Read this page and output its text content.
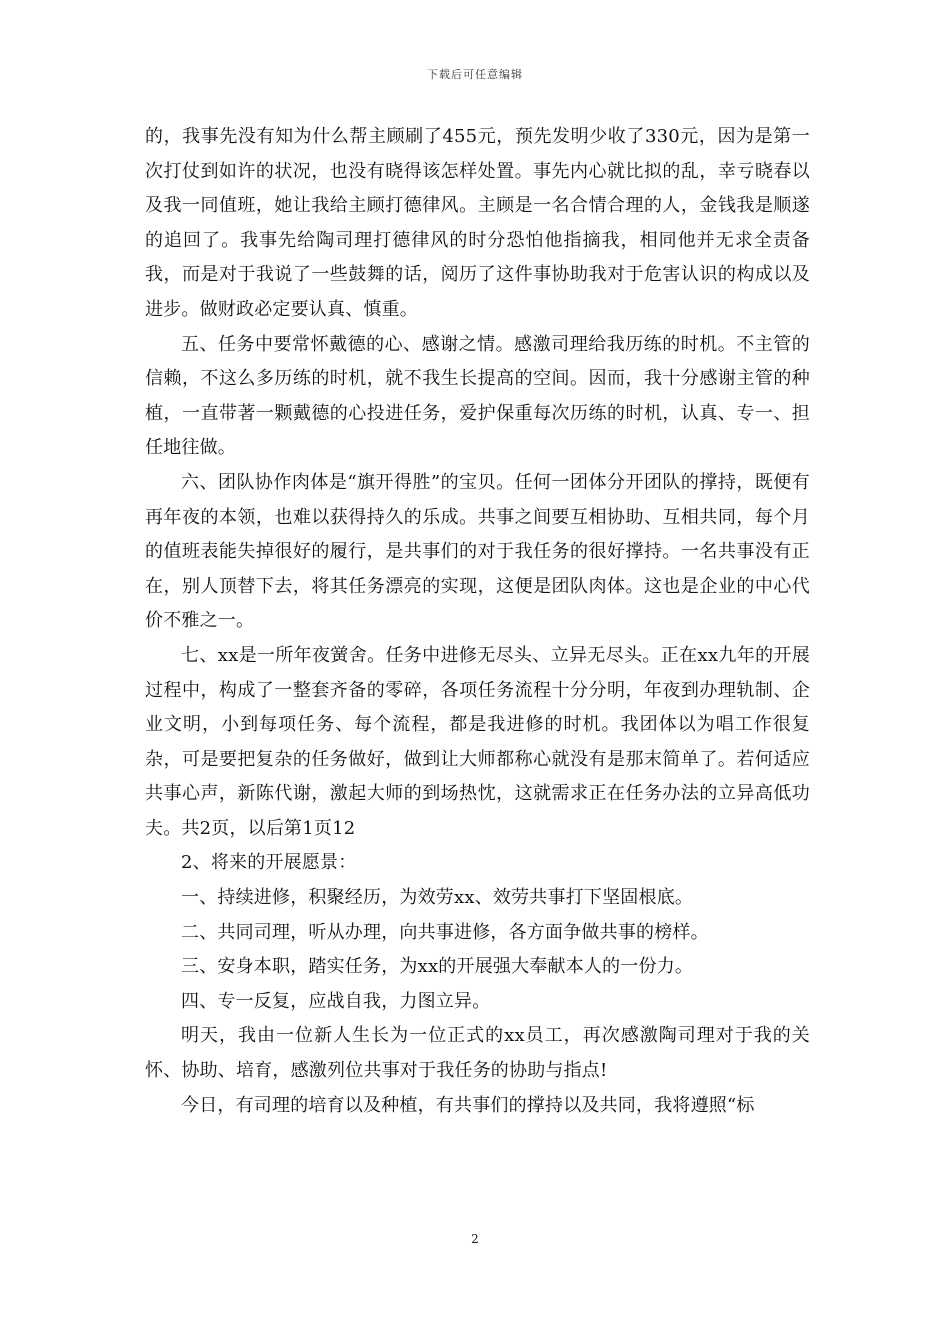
下载后可任意编辑

的，我事先没有知为什么帮主顾刷了455元，预先发明少收了330元，因为是第一次打仗到如许的状况，也没有晓得该怎样处置。事先内心就比拟的乱，幸亏晓春以及我一同值班，她让我给主顾打德律风。主顾是一名合情合理的人，金钱我是顺遂的追回了。我事先给陶司理打德律风的时分恐怕他指摘我，相同他并无求全责备我，而是对于我说了一些鼓舞的话，阅历了这件事协助我对于危害认识的构成以及进步。做财政必定要认真、慎重。

五、任务中要常怀戴德的心、感谢之情。感激司理给我历练的时机。不主管的信赖，不这么多历练的时机，就不我生长提高的空间。因而，我十分感谢主管的种植，一直带著一颗戴德的心投进任务，爱护保重每次历练的时机，认真、专一、担任地往做。

六、团队协作肉体是“旗开得胜”的宝贝。任何一团体分开团队的撑持，既便有再年夜的本领，也难以获得持久的乐成。共事之间要互相协助、互相共同，每个月的值班表能失掉很好的履行，是共事们的对于我任务的很好撑持。一名共事没有正在，别人顶替下去，将其任务漂亮的实现，这便是团队肉体。这也是企业的中心代价不雅之一。

七、xx是一所年夜黉舍。任务中进修无尽头、立异无尽头。正在xx九年的开展过程中，构成了一整套齐备的零碎，各项任务流程十分分明，年夜到办理轨制、企业文明，小到每项任务、每个流程，都是我进修的时机。我团体以为唱工作很复杂，可是要把复杂的任务做好，做到让大师都称心就没有是那末简单了。若何适应共事心声，新陈代谢，激起大师的到场热忱，这就需求正在任务办法的立异高低功夫。共2页，以后第1页12

2、将来的开展愿景：

一、持续进修，积聚经历，为效劳xx、效劳共事打下坚固根底。

二、共同司理，听从办理，向共事进修，各方面争做共事的榜样。

三、安身本职，踏实任务，为xx的开展强大奉献本人的一份力。

四、专一反复，应战自我，力图立异。

明天，我由一位新人生长为一位正式的xx员工，再次感激陶司理对于我的关怀、协助、培育，感激列位共事对于我任务的协助与指点!

今日，有司理的培育以及种植，有共事们的撑持以及共同，我将遵照“标

2
